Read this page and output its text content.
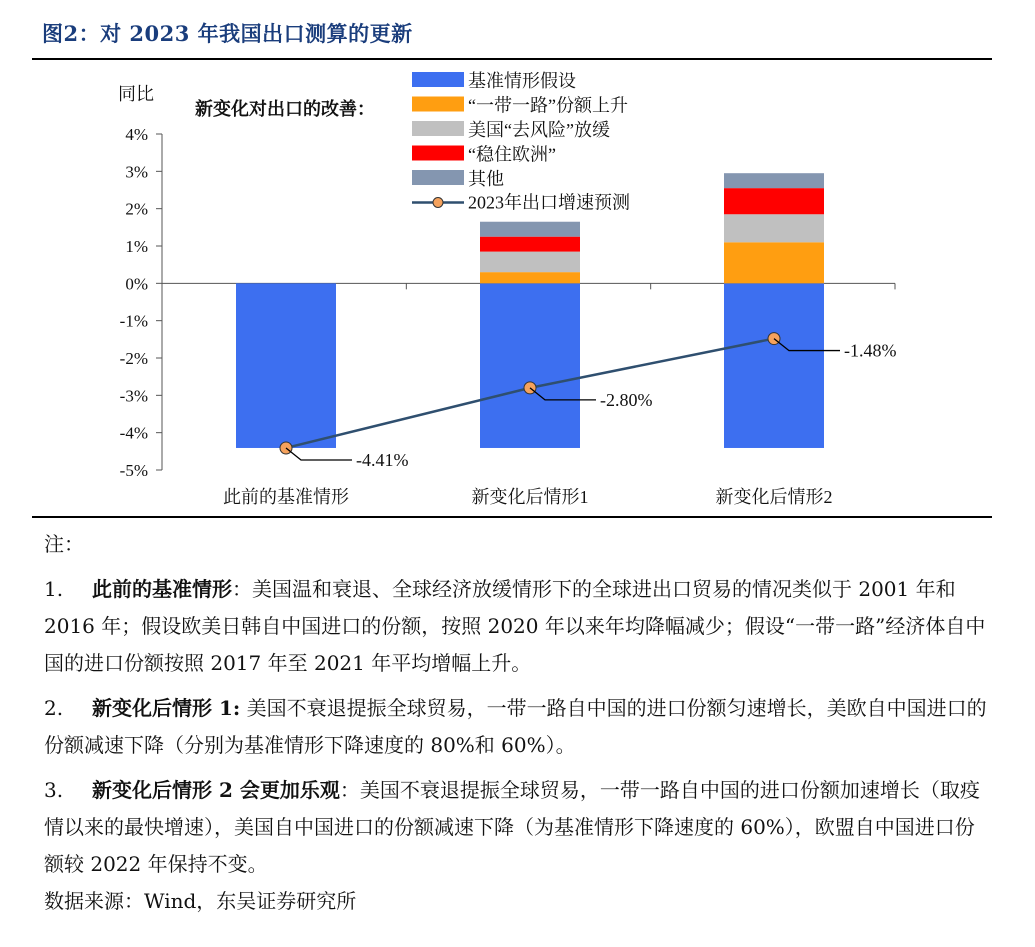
图2：对 2023 年我国出口测算的更新
4%
3%
2%
1%
0%
-1%
-2%
-3%
-4%
-5%
同比
新变化对出口的改善：
此前的基准情形	新变化后情形1	新变化后情形2
-4.41%
-2.80%
-1.48%
基准情形假设
“一带一路”份额上升
美国“去风险”放缓
“稳住欧洲”
其他
2023年出口增速预测
注：
1. 此前的基准情形：美国温和衰退、全球经济放缓情形下的全球进出口贸易的情况类似于 2001 年和 2016 年；假设欧美日韩自中国进口的份额，按照 2020 年以来年均降幅减少；假设“一带一路”经济体自中国的进口份额按照 2017 年至 2021 年平均增幅上升。
2. 新变化后情形 1: 美国不衰退提振全球贸易，一带一路自中国的进口份额匀速增长，美欧自中国进口的份额减速下降（分别为基准情形下降速度的 80%和 60%）。
3. 新变化后情形 2 会更加乐观：美国不衰退提振全球贸易，一带一路自中国的进口份额加速增长（取疫情以来的最快增速），美国自中国进口的份额减速下降（为基准情形下降速度的 60%），欧盟自中国进口份额较 2022 年保持不变。
数据来源：Wind，东吴证券研究所
